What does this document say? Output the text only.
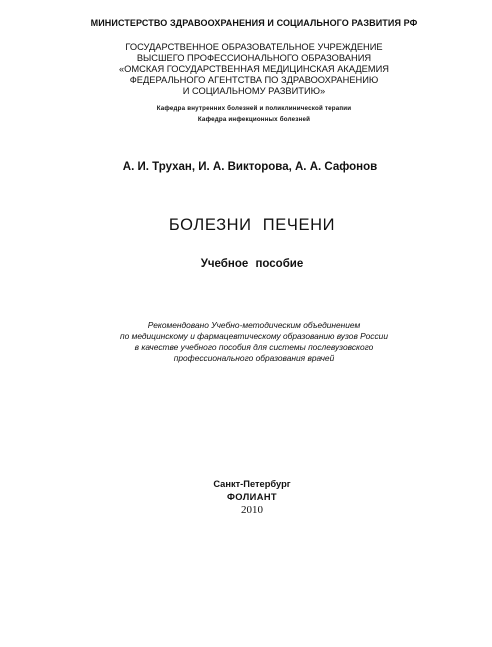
МИНИСТЕРСТВО ЗДРАВООХРАНЕНИЯ И СОЦИАЛЬНОГО РАЗВИТИЯ РФ
ГОСУДАРСТВЕННОЕ ОБРАЗОВАТЕЛЬНОЕ УЧРЕЖДЕНИЕ
ВЫСШЕГО ПРОФЕССИОНАЛЬНОГО ОБРАЗОВАНИЯ
«ОМСКАЯ ГОСУДАРСТВЕННАЯ МЕДИЦИНСКАЯ АКАДЕМИЯ
ФЕДЕРАЛЬНОГО АГЕНТСТВА ПО ЗДРАВООХРАНЕНИЮ
И СОЦИАЛЬНОМУ РАЗВИТИЮ»
Кафедра внутренних болезней и поликлинической терапии
Кафедра инфекционных болезней
А. И. Трухан, И. А. Викторова, А. А. Сафонов
БОЛЕЗНИ ПЕЧЕНИ
Учебное пособие
Рекомендовано Учебно-методическим объединением
по медицинскому и фармацевтическому образованию вузов России
в качестве учебного пособия для системы послевузовского
профессионального образования врачей
Санкт-Петербург
ФОЛИАНТ
2010
